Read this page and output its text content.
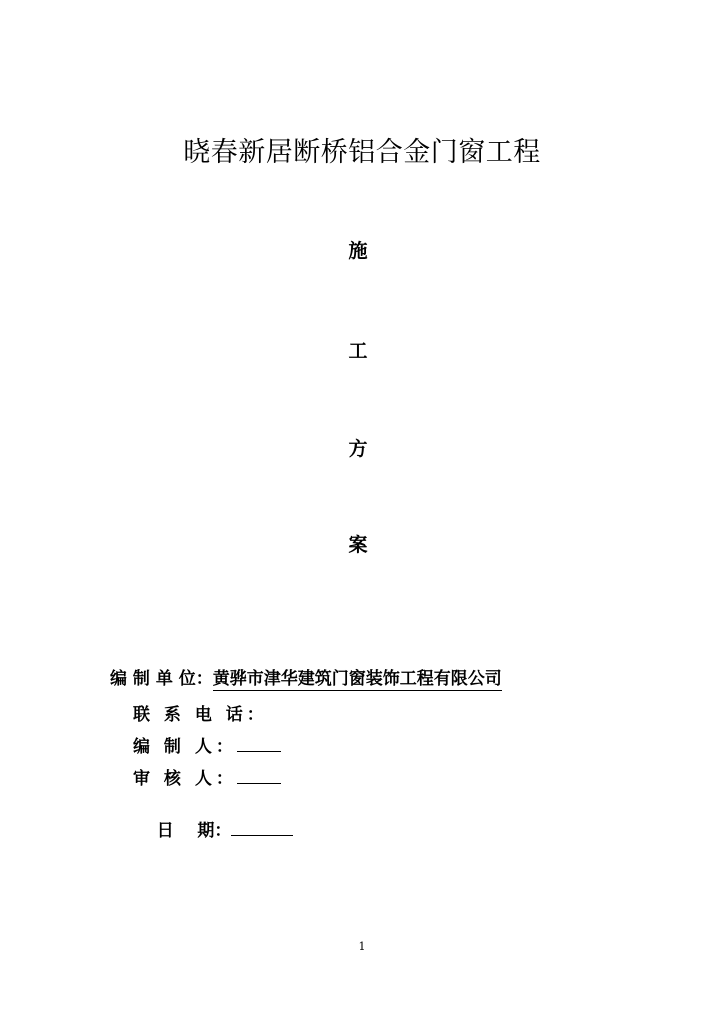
晓春新居断桥铝合金门窗工程
施
工
方
案
编 制 单 位：黄骅市津华建筑门窗装饰工程有限公司
联 系 电 话：
编 制 人：
审 核 人：

日    期：

1
